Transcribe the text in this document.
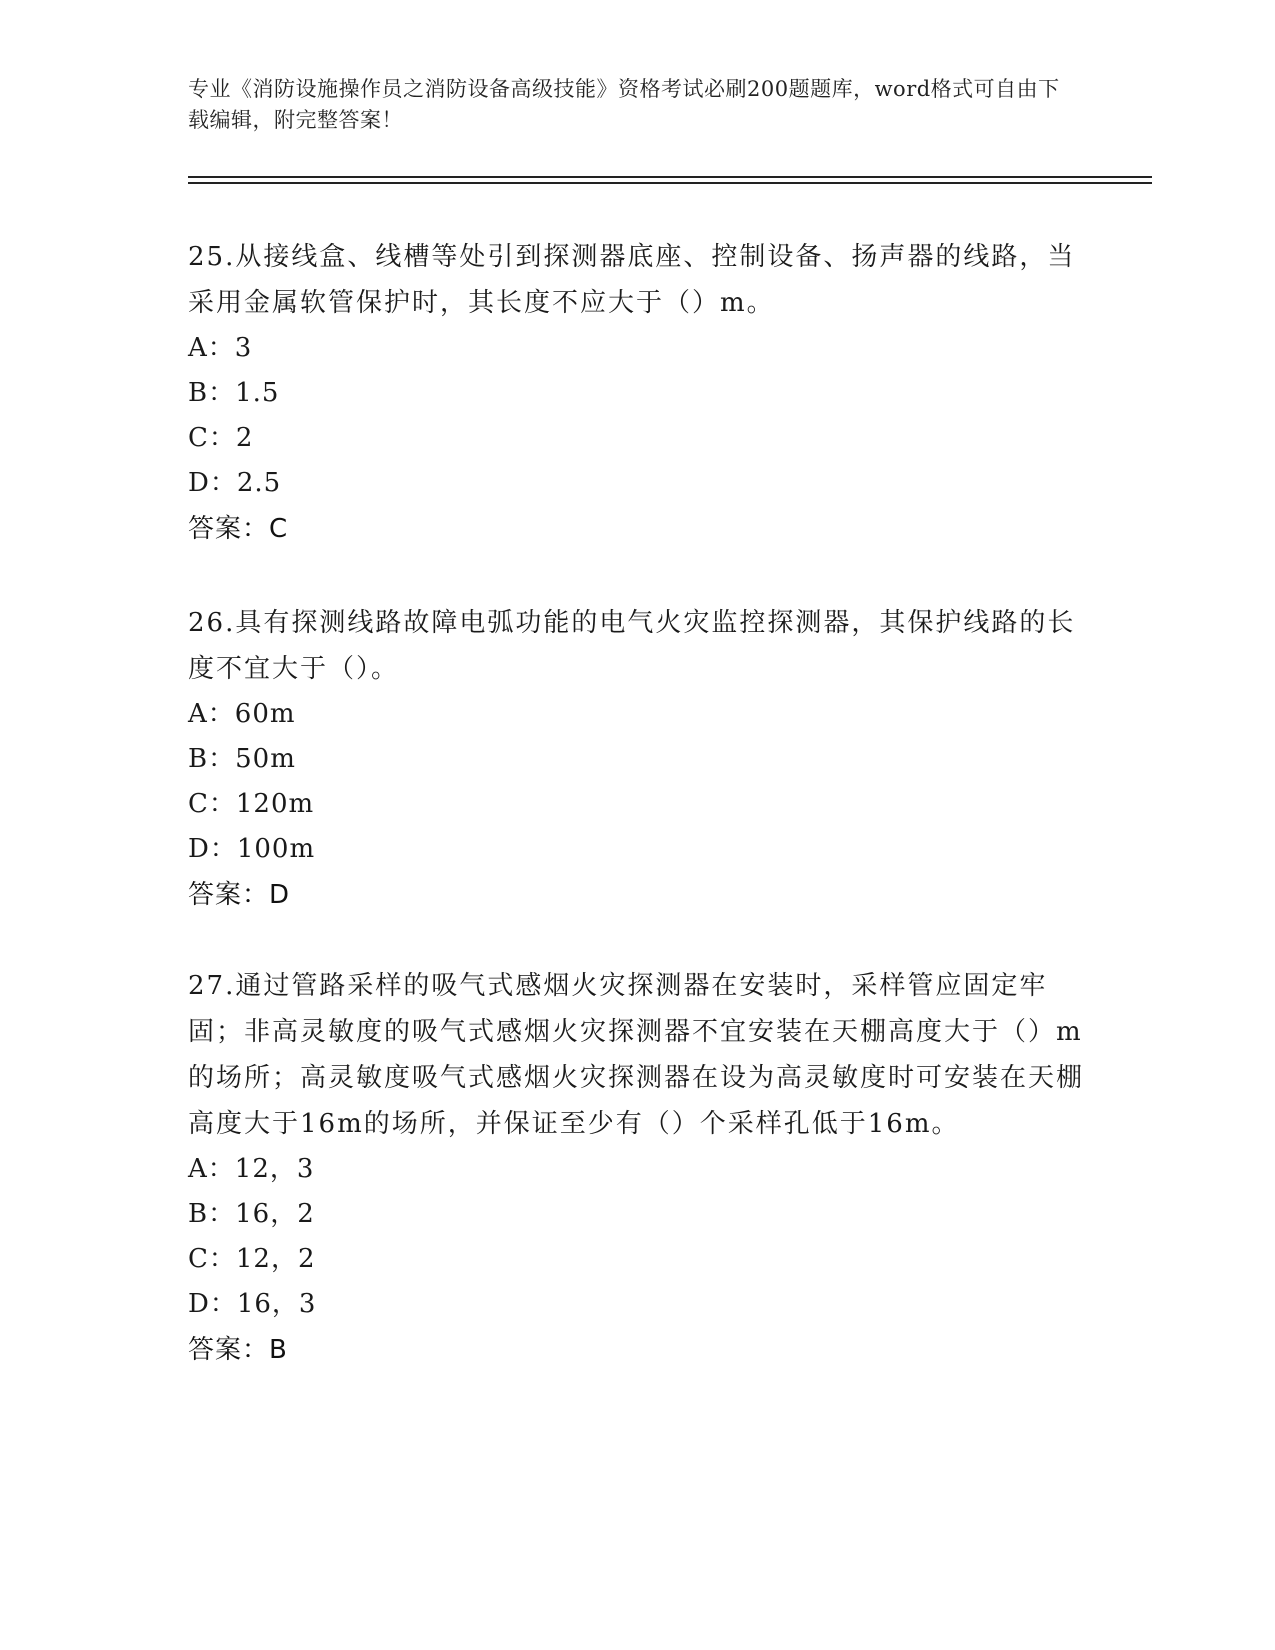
专业《消防设施操作员之消防设备高级技能》资格考试必刷200题题库，word格式可自由下载编辑，附完整答案！

25.从接线盒、线槽等处引到探测器底座、控制设备、扬声器的线路，当采用金属软管保护时，其长度不应大于（）m。

A：3

B：1.5

C：2

D：2.5

答案：C

26.具有探测线路故障电弧功能的电气火灾监控探测器，其保护线路的长度不宜大于（）。

A：60m

B：50m

C：120m

D：100m

答案：D

27.通过管路采样的吸气式感烟火灾探测器在安装时，采样管应固定牢固；非高灵敏度的吸气式感烟火灾探测器不宜安装在天棚高度大于（）m的场所；高灵敏度吸气式感烟火灾探测器在设为高灵敏度时可安装在天棚高度大于16m的场所，并保证至少有（）个采样孔低于16m。

A：12，3

B：16，2

C：12，2

D：16，3

答案：B
